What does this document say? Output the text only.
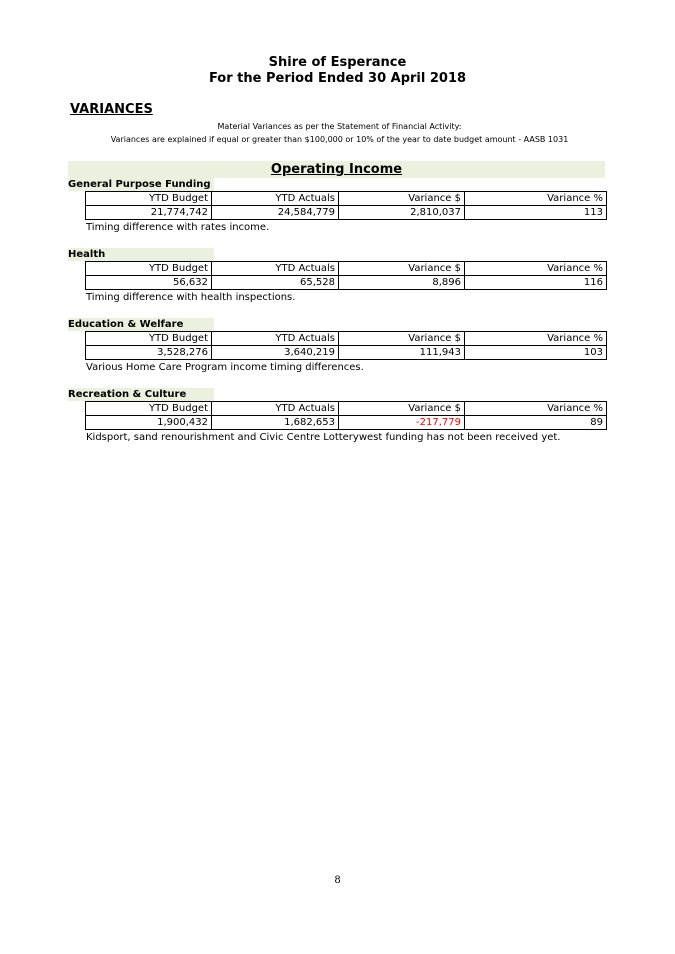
Shire of Esperance
For the Period Ended 30 April 2018
VARIANCES
Material Variances as per the Statement of Financial Activity:
Variances are explained if equal or greater than $100,000 or 10% of the year to date budget amount - AASB 1031
Operating Income
General Purpose Funding
YTD Budget	YTD Actuals	Variance $	Variance %
21,774,742	24,584,779	2,810,037	113
Timing difference with rates income.
Health
YTD Budget	YTD Actuals	Variance $	Variance %
56,632	65,528	8,896	116
Timing difference with health inspections.
Education & Welfare
YTD Budget	YTD Actuals	Variance $	Variance %
3,528,276	3,640,219	111,943	103
Various Home Care Program income timing differences.
Recreation & Culture
YTD Budget	YTD Actuals	Variance $	Variance %
1,900,432	1,682,653	-217,779	89
Kidsport, sand renourishment and Civic Centre Lotterywest funding has not been received yet.
8
